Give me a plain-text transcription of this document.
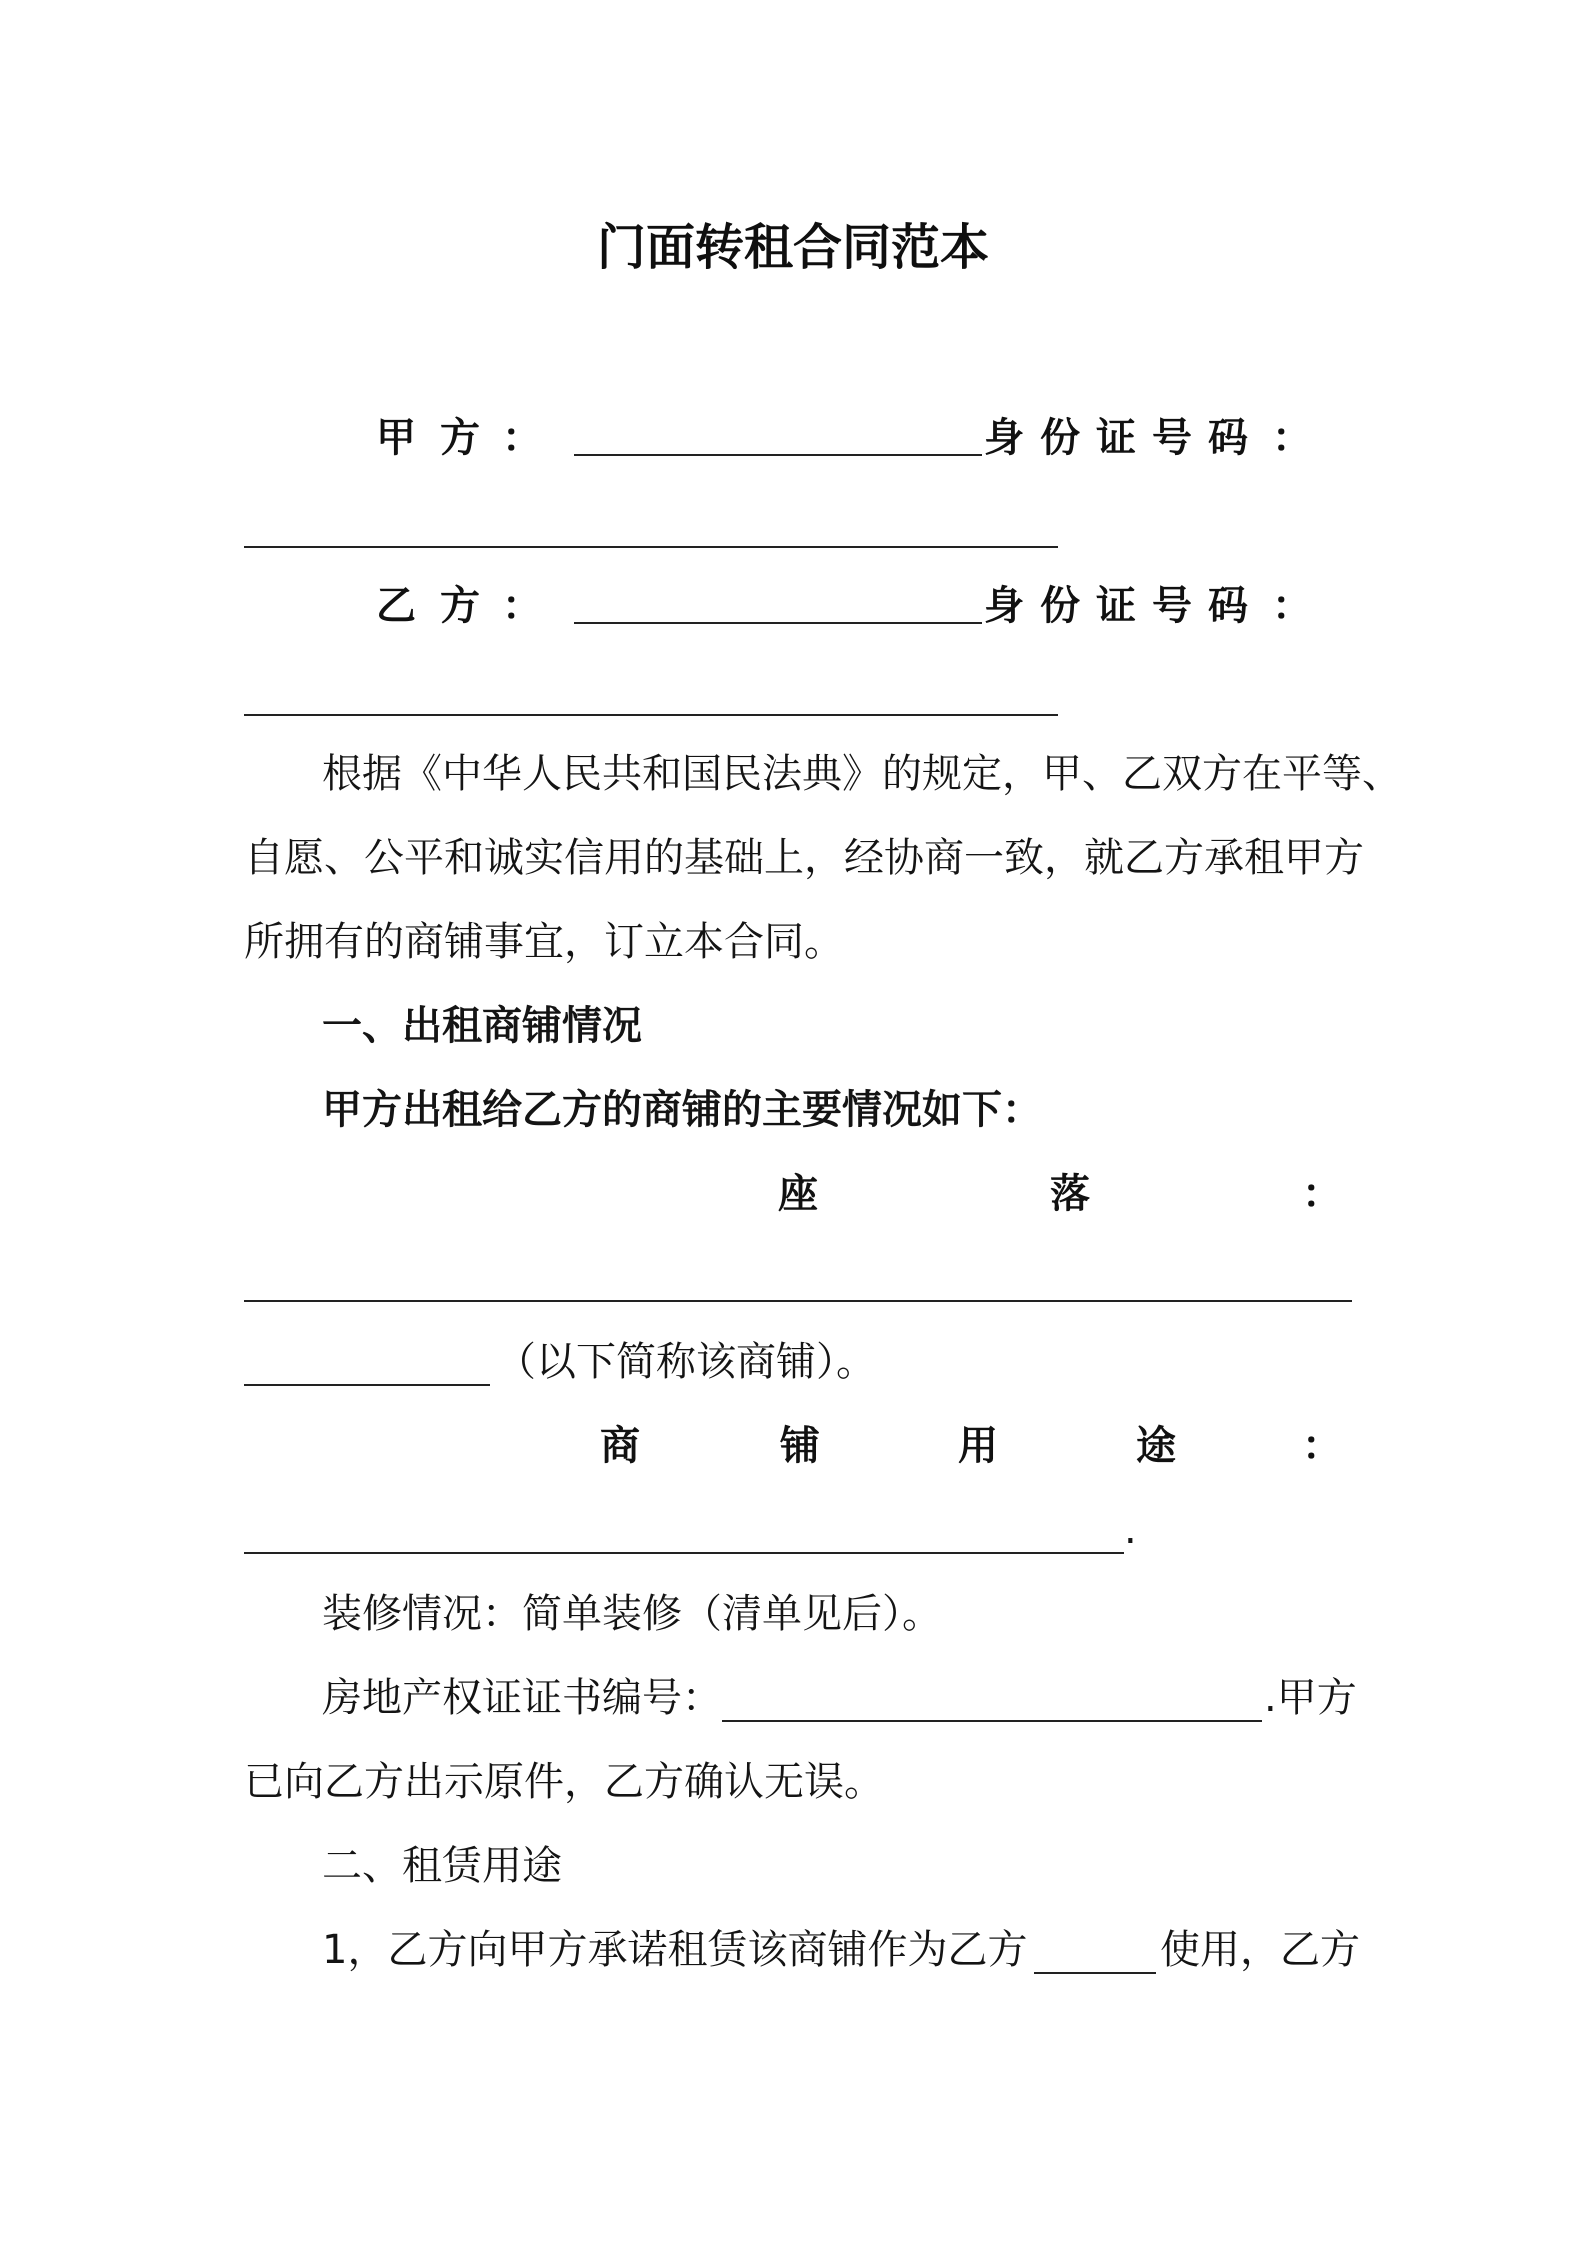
门面转租合同范本
甲 方 ：	身 份 证 号 码 ：
乙 方 ：	身 份 证 号 码 ：
根据《中华人民共和国民法典》的规定，甲、乙双方在平等、
自愿、公平和诚实信用的基础上，经协商一致，就乙方承租甲方
所拥有的商铺事宜，订立本合同。
一、出租商铺情况
甲方出租给乙方的商铺的主要情况如下：
座	落	：
（以下简称该商铺）。
商	铺	用	途	：
.
装修情况：简单装修（清单见后）。
房地产权证证书编号：	.甲方
已向乙方出示原件，乙方确认无误。
二、租赁用途
1，乙方向甲方承诺租赁该商铺作为乙方	使用，乙方
